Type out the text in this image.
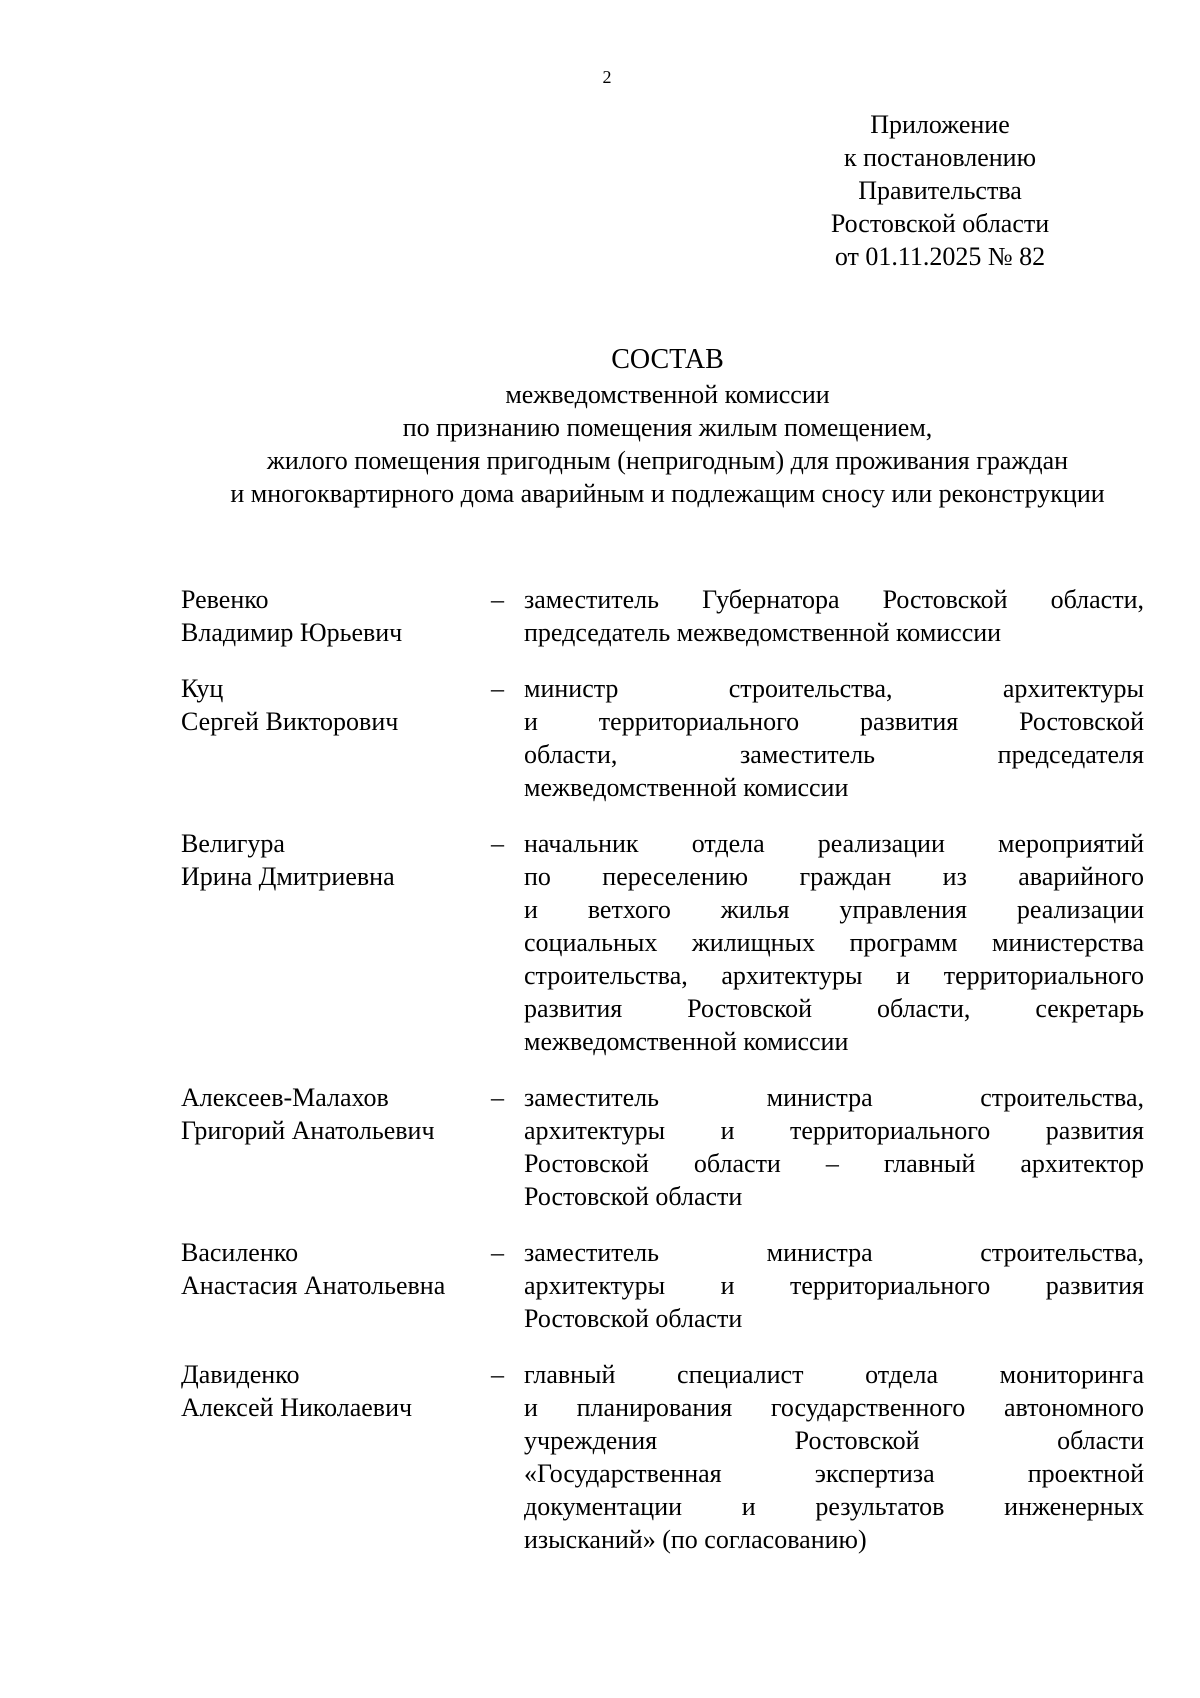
2
Приложение
к постановлению
Правительства
Ростовской области
от 01.11.2025 № 82
СОСТАВ
межведомственной комиссии
по признанию помещения жилым помещением,
жилого помещения пригодным (непригодным) для проживания граждан
и многоквартирного дома аварийным и подлежащим сносу или реконструкции
Ревенко
Владимир Юрьевич
– заместитель Губернатора Ростовской области,
председатель межведомственной комиссии
Куц
Сергей Викторович
– министр строительства, архитектуры
и территориального развития Ростовской
области, заместитель председателя
межведомственной комиссии
Велигура
Ирина Дмитриевна
– начальник отдела реализации мероприятий
по переселению граждан из аварийного
и ветхого жилья управления реализации
социальных жилищных программ министерства
строительства, архитектуры и территориального
развития Ростовской области, секретарь
межведомственной комиссии
Алексеев-Малахов
Григорий Анатольевич
– заместитель министра строительства,
архитектуры и территориального развития
Ростовской области – главный архитектор
Ростовской области
Василенко
Анастасия Анатольевна
– заместитель министра строительства,
архитектуры и территориального развития
Ростовской области
Давиденко
Алексей Николаевич
– главный специалист отдела мониторинга
и планирования государственного автономного
учреждения Ростовской области
«Государственная экспертиза проектной
документации и результатов инженерных
изысканий» (по согласованию)
